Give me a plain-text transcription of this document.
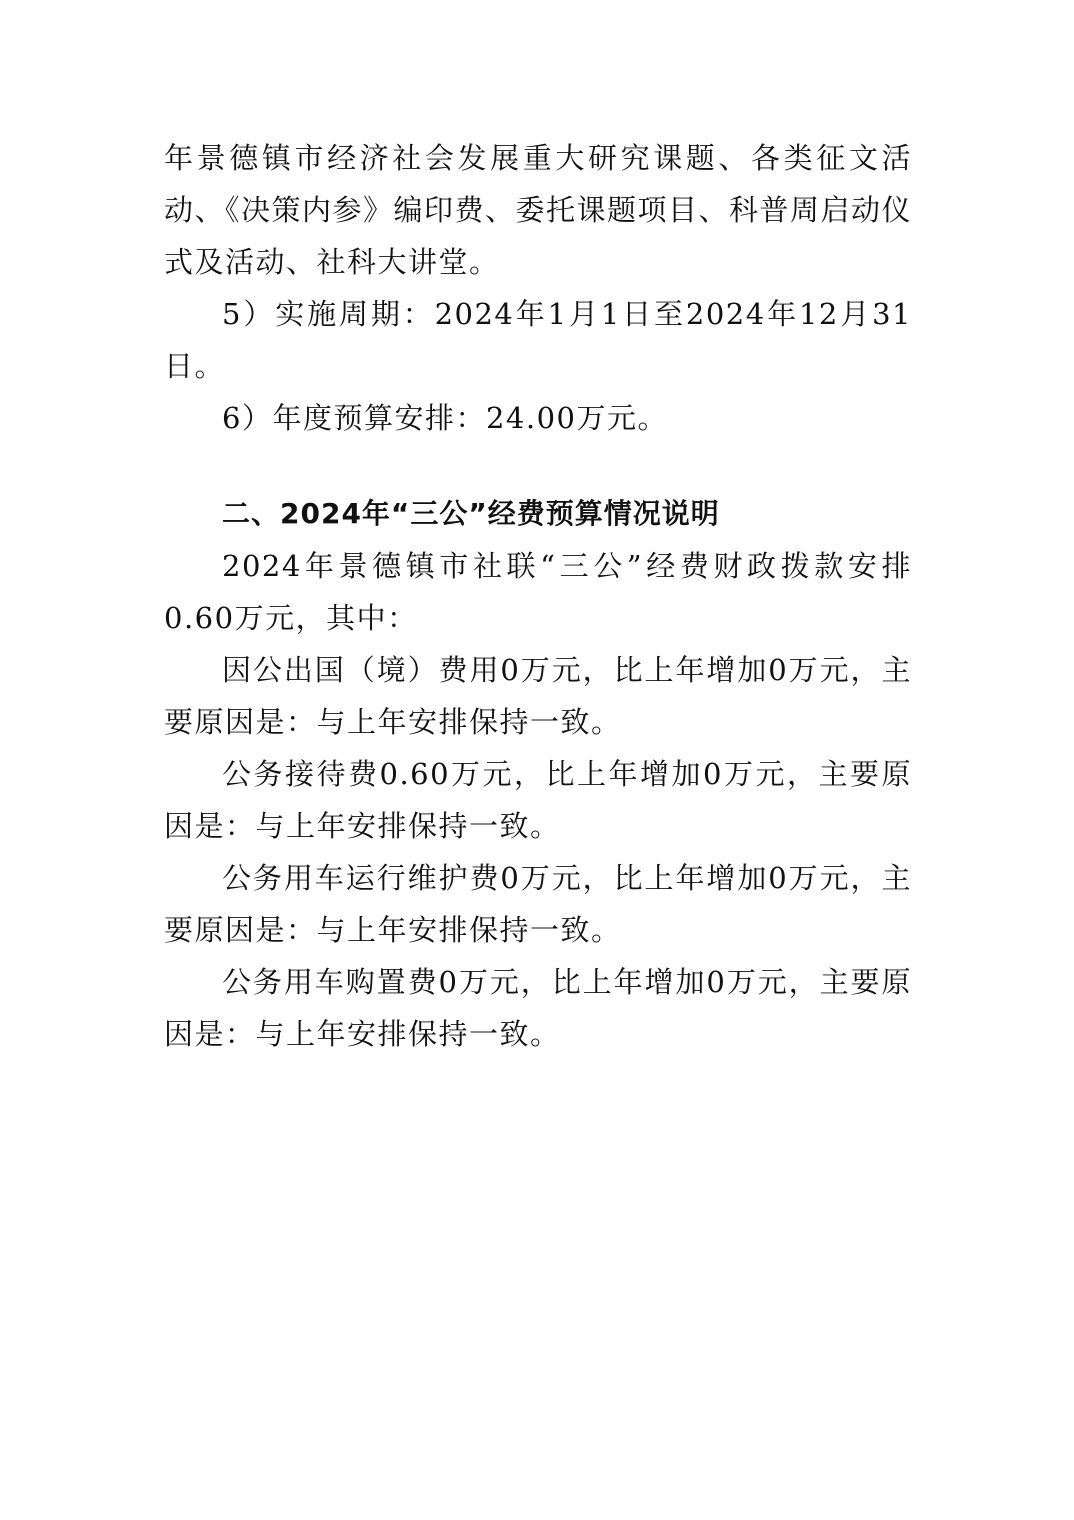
年景德镇市经济社会发展重大研究课题、各类征文活动、《决策内参》编印费、委托课题项目、科普周启动仪式及活动、社科大讲堂。

5）实施周期：2024年1月1日至2024年12月31日。

6）年度预算安排：24.00万元。

二、2024年“三公”经费预算情况说明

2024年景德镇市社联“三公”经费财政拨款安排0.60万元，其中：

因公出国（境）费用0万元，比上年增加0万元，主要原因是：与上年安排保持一致。

公务接待费0.60万元，比上年增加0万元，主要原因是：与上年安排保持一致。

公务用车运行维护费0万元，比上年增加0万元，主要原因是：与上年安排保持一致。

公务用车购置费0万元，比上年增加0万元，主要原因是：与上年安排保持一致。
